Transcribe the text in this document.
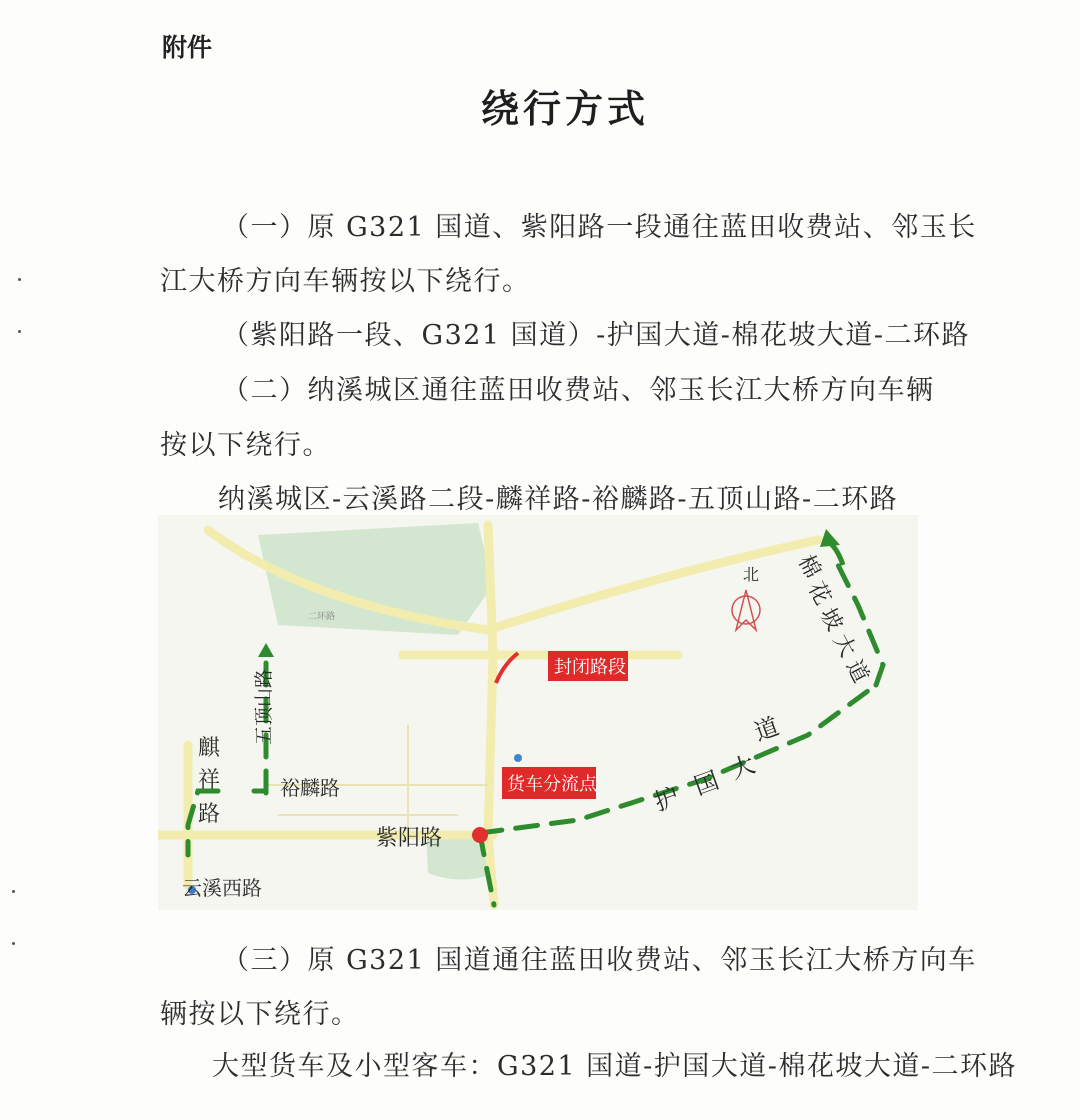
附件
绕行方式
（一）原 G321 国道、紫阳路一段通往蓝田收费站、邻玉长
江大桥方向车辆按以下绕行。
（紫阳路一段、G321 国道）-护国大道-棉花坡大道-二环路
（二）纳溪城区通往蓝田收费站、邻玉长江大桥方向车辆
按以下绕行。
纳溪城区-云溪路二段-麟祥路-裕麟路-五顶山路-二环路
北
封闭路段
货车分流点 护 国 大
道
棉
花
坡
大
道
五顶山路
麒
祥
路
裕麟路
紫阳路
云溪西路
二环路
（三）原 G321 国道通往蓝田收费站、邻玉长江大桥方向车
辆按以下绕行。
大型货车及小型客车：G321 国道-护国大道-棉花坡大道-二环路
